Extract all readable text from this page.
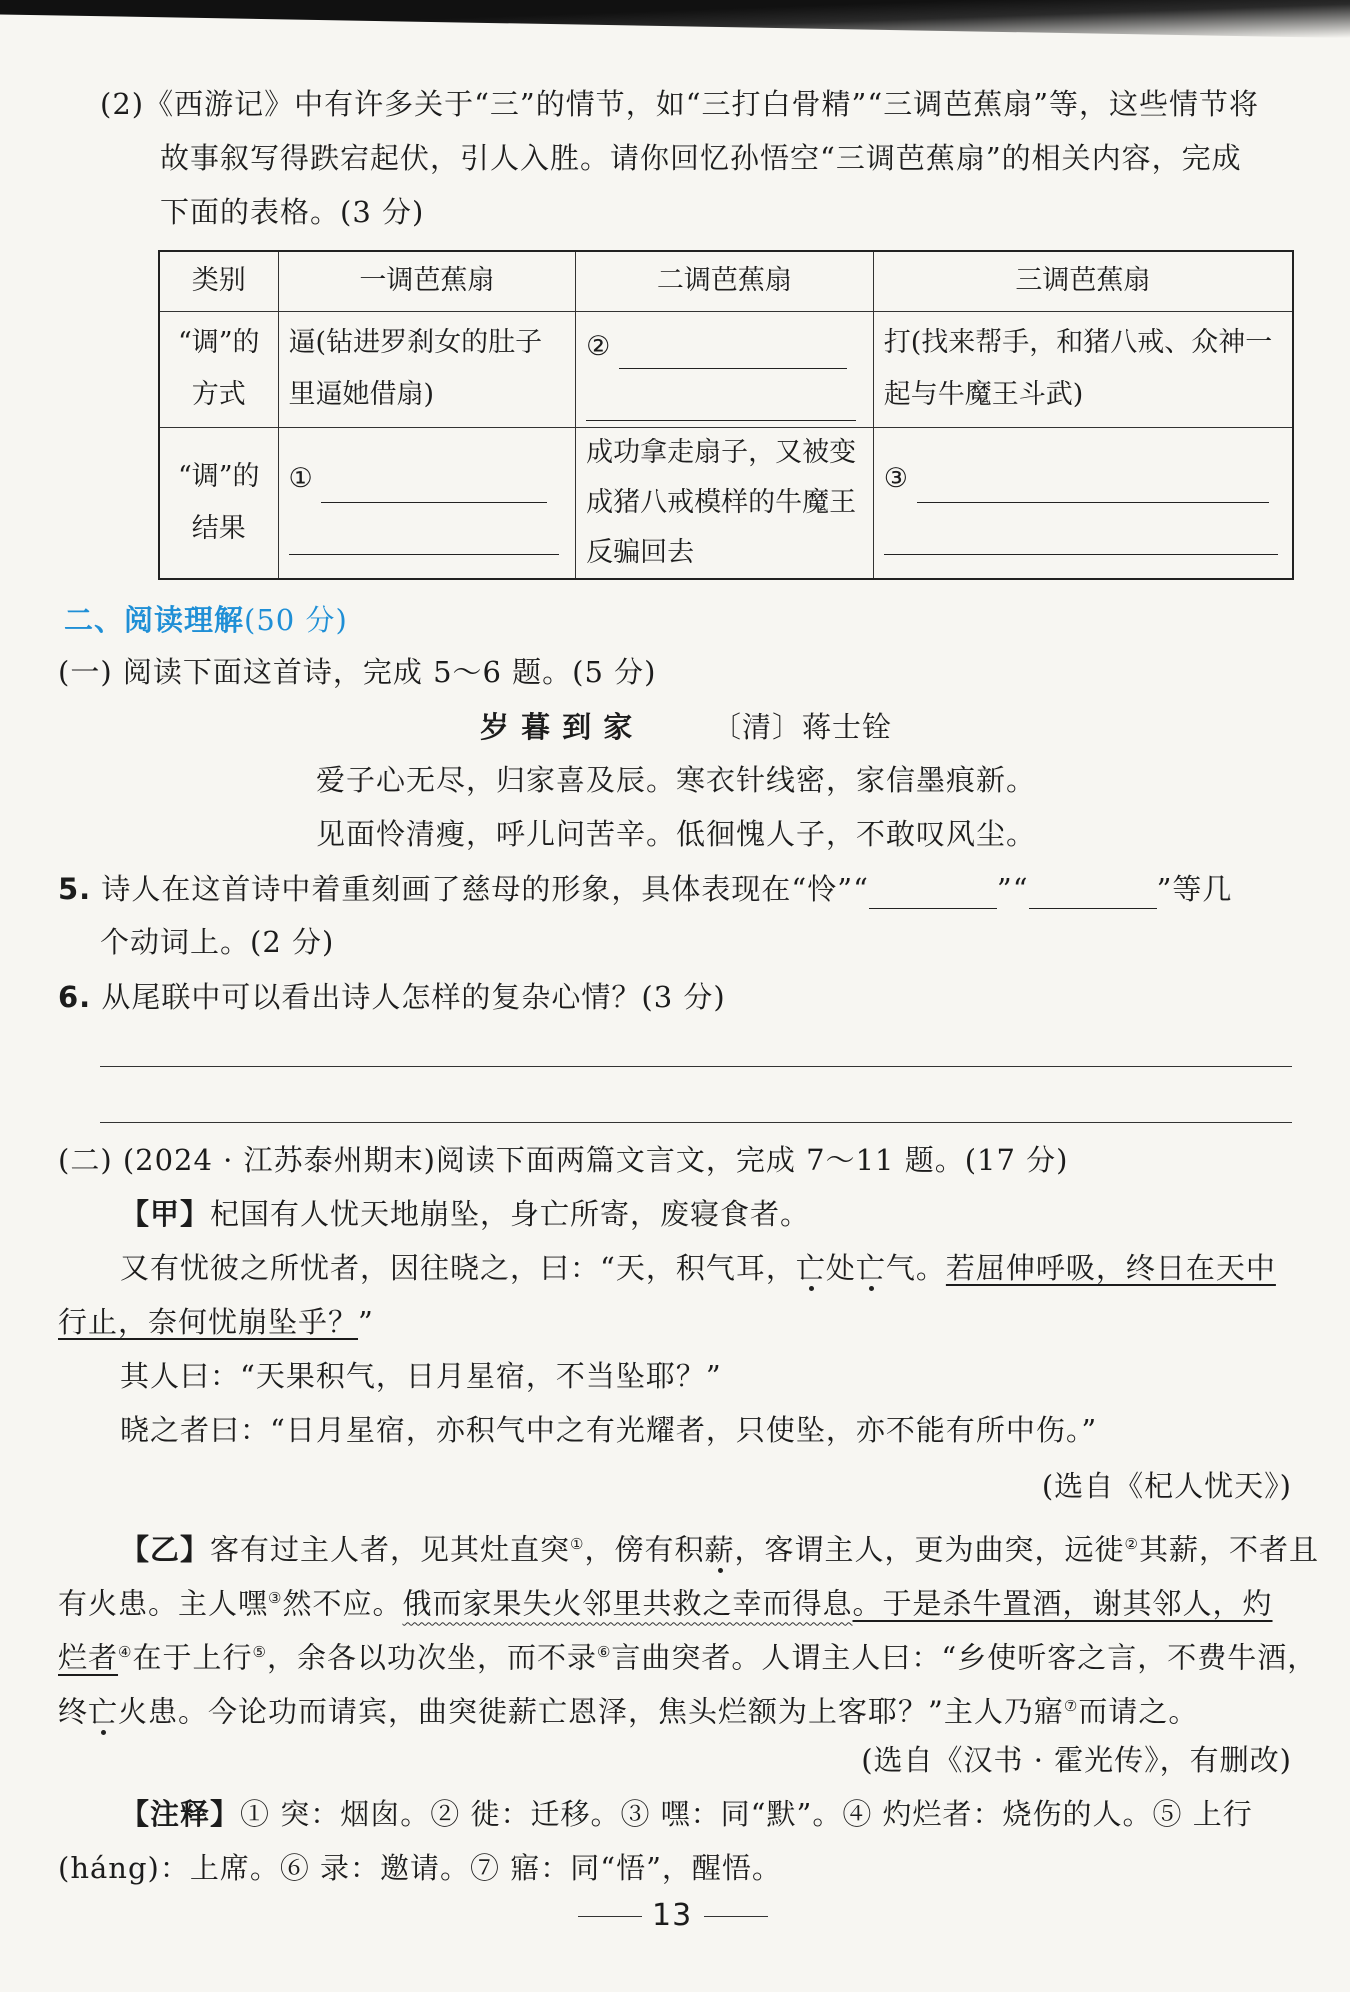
(2)《西游记》中有许多关于“三”的情节，如“三打白骨精”“三调芭蕉扇”等，这些情节将
故事叙写得跌宕起伏，引人入胜。请你回忆孙悟空“三调芭蕉扇”的相关内容，完成
下面的表格。(3 分)
类别	一调芭蕉扇	二调芭蕉扇	三调芭蕉扇

“调”的
方式	逼(钻进罗刹女的肚子里逼她借扇)	②	打(找来帮手，和猪八戒、众神一起与牛魔王斗武)

“调”的
结果	①	成功拿走扇子，又被变成猪八戒模样的牛魔王反骗回去	③
二、阅读理解(50 分)
(一) 阅读下面这首诗，完成 5～6 题。(5 分)
岁 暮 到 家	〔清〕蒋士铨
爱子心无尽，归家喜及辰。寒衣针线密，家信墨痕新。
见面怜清瘦，呼儿问苦辛。低徊愧人子，不敢叹风尘。
5. 诗人在这首诗中着重刻画了慈母的形象，具体表现在“怜”“	”“	”等几
个动词上。(2 分)
6. 从尾联中可以看出诗人怎样的复杂心情？(3 分)
(二) (2024 · 江苏泰州期末)阅读下面两篇文言文，完成 7～11 题。(17 分)
【甲】杞国有人忧天地崩坠，身亡所寄，废寝食者。
又有忧彼之所忧者，因往晓之，曰：“天，积气耳，亡处亡气。若屈伸呼吸，终日在天中
行止，奈何忧崩坠乎？”
其人曰：“天果积气，日月星宿，不当坠耶？”
晓之者曰：“日月星宿，亦积气中之有光耀者，只使坠，亦不能有所中伤。”
(选自《杞人忧天》)
【乙】客有过主人者，见其灶直突①，傍有积薪，客谓主人，更为曲突，远徙②其薪，不者且
有火患。主人嘿③然不应。俄而家果失火邻里共救之幸而得息。于是杀牛置酒，谢其邻人，灼
烂者④在于上行⑤，余各以功次坐，而不录⑥言曲突者。人谓主人曰：“乡使听客之言，不费牛酒，
终亡火患。今论功而请宾，曲突徙薪亡恩泽，焦头烂额为上客耶？”主人乃寤⑦而请之。
(选自《汉书 · 霍光传》，有删改)
【注释】① 突：烟囱。② 徙：迁移。③ 嘿：同“默”。④ 灼烂者：烧伤的人。⑤ 上行
(háng)：上席。⑥ 录：邀请。⑦ 寤：同“悟”，醒悟。
13
